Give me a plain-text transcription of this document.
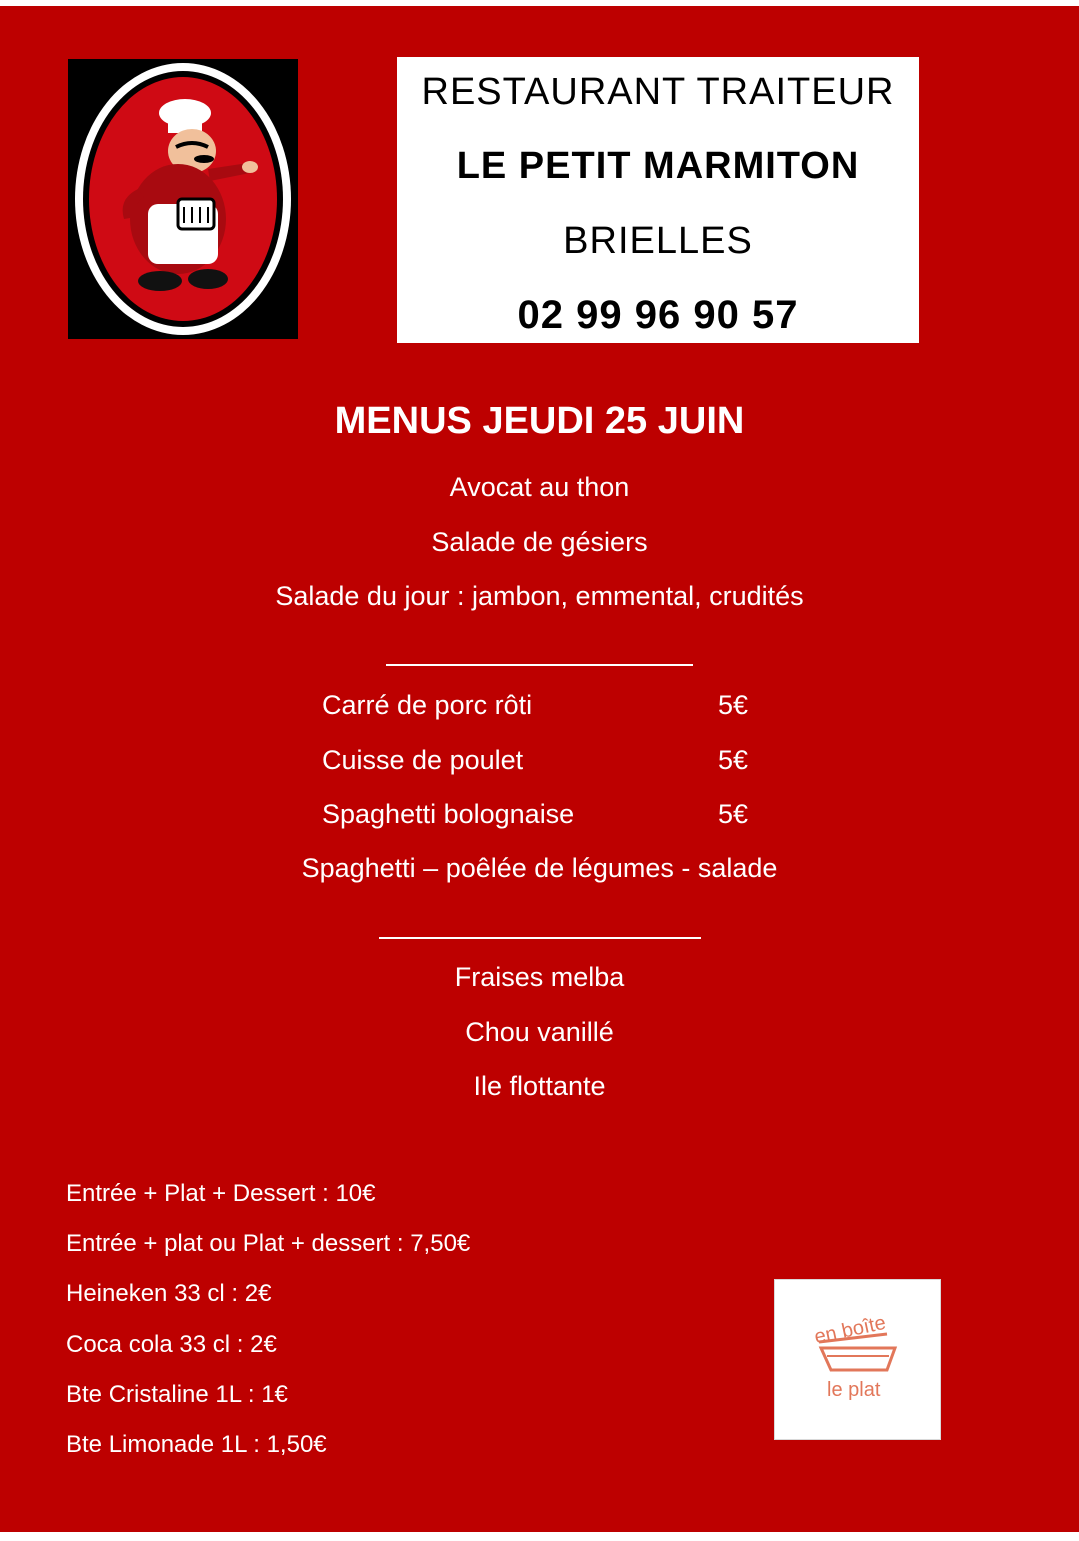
RESTAURANT TRAITEUR
LE PETIT MARMITON
BRIELLES
02 99 96 90 57
MENUS JEUDI 25 JUIN
Avocat au thon
Salade de gésiers
Salade du jour : jambon, emmental, crudités
Carré de porc rôti	5€
Cuisse de poulet	5€
Spaghetti bolognaise	5€
Spaghetti – poêlée de légumes - salade
Fraises melba
Chou vanillé
Ile flottante
Entrée + Plat + Dessert : 10€
Entrée + plat ou Plat + dessert : 7,50€
Heineken 33 cl : 2€
Coca cola 33 cl : 2€
Bte Cristaline 1L : 1€
Bte Limonade 1L : 1,50€
en boîte
le plat
